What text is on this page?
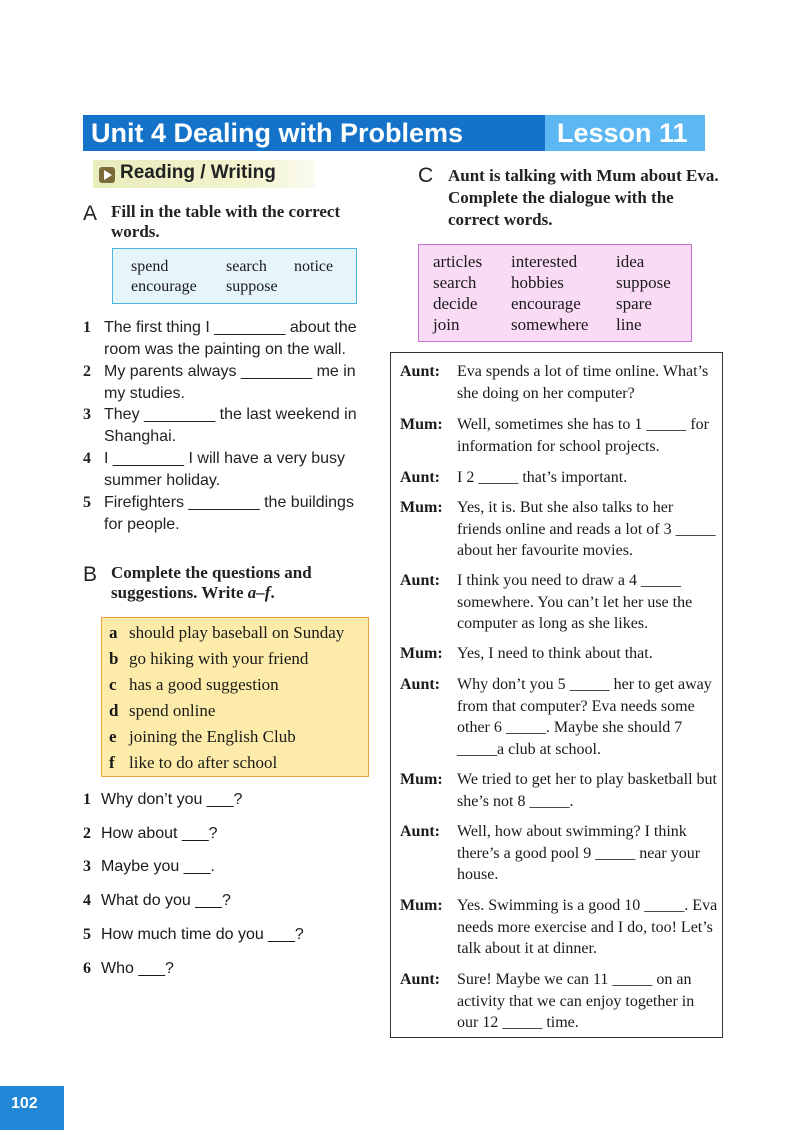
Unit 4 Dealing with Problems	Lesson 11
Reading / Writing
A Fill in the table with the correct words.
spend	search notice
encourage suppose
1 The first thing I ________ about the room was the painting on the wall.
2 My parents always ________ me in my studies.
3 They ________ the last weekend in Shanghai.
4 I ________ I will have a very busy summer holiday.
5 Firefighters ________ the buildings for people.
B Complete the questions and suggestions. Write a–f.
a should play baseball on Sunday
b go hiking with your friend
c has a good suggestion
d spend online
e joining the English Club
f like to do after school
1 Why don’t you ___?
2 How about ___?
3 Maybe you ___.
4 What do you ___?
5 How much time do you ___?
6 Who ___?
C Aunt is talking with Mum about Eva. Complete the dialogue with the correct words.
articles interested idea
search hobbies	suppose
decide encourage spare
join	somewhere line
Aunt: Eva spends a lot of time online. What’s she doing on her computer?
Mum: Well, sometimes she has to 1 _____ for information for school projects.
Aunt: I 2 _____ that’s important.
Mum: Yes, it is. But she also talks to her friends online and reads a lot of 3 _____ about her favourite movies.
Aunt: I think you need to draw a 4 _____ somewhere. You can’t let her use the computer as long as she likes.
Mum: Yes, I need to think about that.
Aunt: Why don’t you 5 _____ her to get away from that computer? Eva needs some other 6 _____. Maybe she should 7 _____a club at school.
Mum: We tried to get her to play basketball but she’s not 8 _____.
Aunt: Well, how about swimming? I think there’s a good pool 9 _____ near your house.
Mum: Yes. Swimming is a good 10 _____. Eva needs more exercise and I do, too! Let’s talk about it at dinner.
Aunt: Sure! Maybe we can 11 _____ on an activity that we can enjoy together in our 12 _____ time.
102
